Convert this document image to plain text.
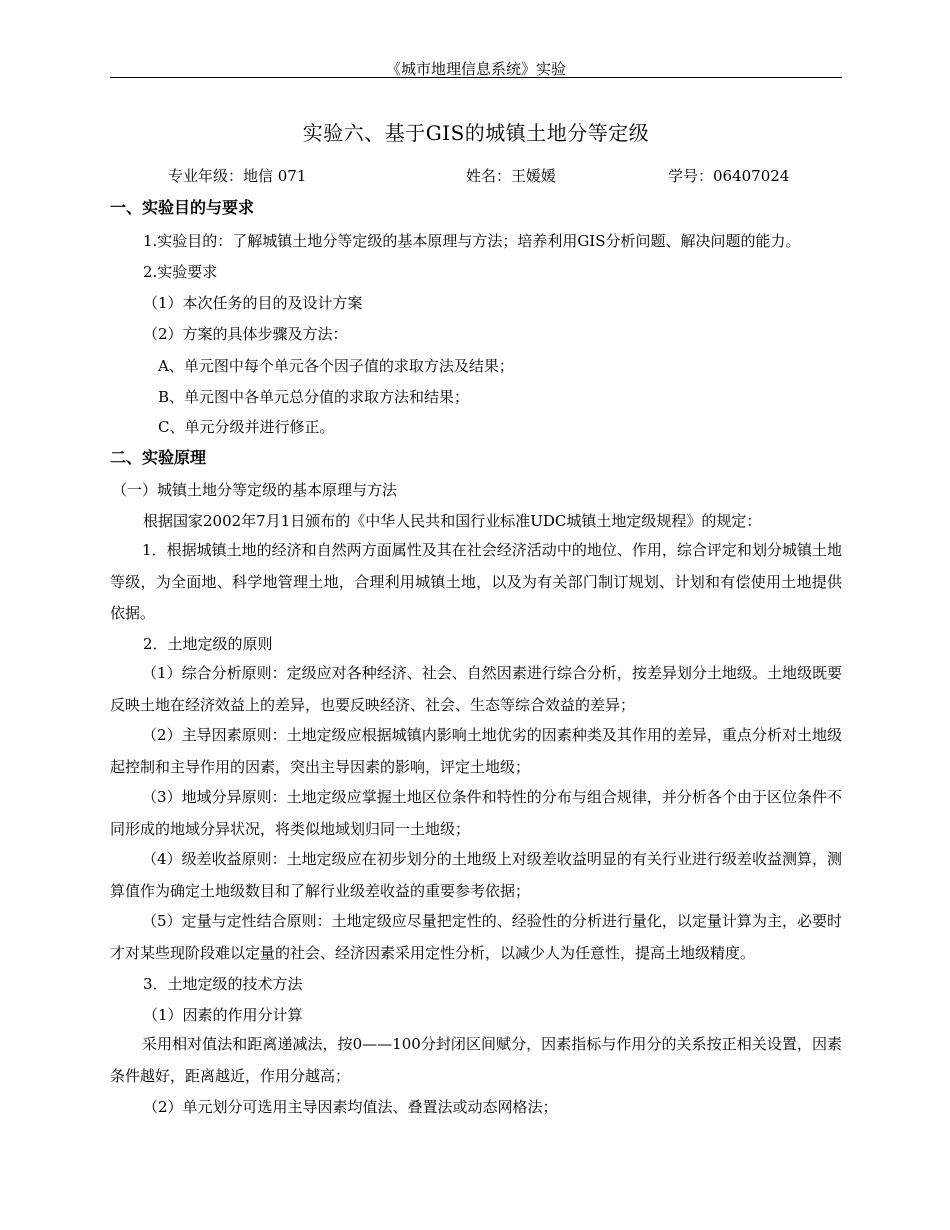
《城市地理信息系统》实验
实验六、基于GIS的城镇土地分等定级
专业年级：地信 071	姓名：王媛媛	学号：06407024
一、实验目的与要求
1.实验目的：了解城镇土地分等定级的基本原理与方法；培养利用GIS分析问题、解决问题的能力。
2.实验要求
（1）本次任务的目的及设计方案
（2）方案的具体步骤及方法：
A、单元图中每个单元各个因子值的求取方法及结果；
B、单元图中各单元总分值的求取方法和结果；
C、单元分级并进行修正。
二、实验原理
（一）城镇土地分等定级的基本原理与方法
根据国家2002年7月1日颁布的《中华人民共和国行业标准UDC城镇土地定级规程》的规定：
1．根据城镇土地的经济和自然两方面属性及其在社会经济活动中的地位、作用，综合评定和划分城镇土地等级，为全面地、科学地管理土地，合理利用城镇土地，以及为有关部门制订规划、计划和有偿使用土地提供依据。
2．土地定级的原则
（1）综合分析原则：定级应对各种经济、社会、自然因素进行综合分析，按差异划分土地级。土地级既要反映土地在经济效益上的差异，也要反映经济、社会、生态等综合效益的差异；
（2）主导因素原则：土地定级应根据城镇内影响土地优劣的因素种类及其作用的差异，重点分析对土地级起控制和主导作用的因素，突出主导因素的影响，评定土地级；
（3）地域分异原则：土地定级应掌握土地区位条件和特性的分布与组合规律，并分析各个由于区位条件不同形成的地域分异状况，将类似地域划归同一土地级；
（4）级差收益原则：土地定级应在初步划分的土地级上对级差收益明显的有关行业进行级差收益测算，测算值作为确定土地级数目和了解行业级差收益的重要参考依据；
（5）定量与定性结合原则：土地定级应尽量把定性的、经验性的分析进行量化，以定量计算为主，必要时才对某些现阶段难以定量的社会、经济因素采用定性分析，以减少人为任意性，提高土地级精度。
3．土地定级的技术方法
（1）因素的作用分计算
采用相对值法和距离递减法，按0——100分封闭区间赋分，因素指标与作用分的关系按正相关设置，因素条件越好，距离越近，作用分越高；
（2）单元划分可选用主导因素均值法、叠置法或动态网格法；
